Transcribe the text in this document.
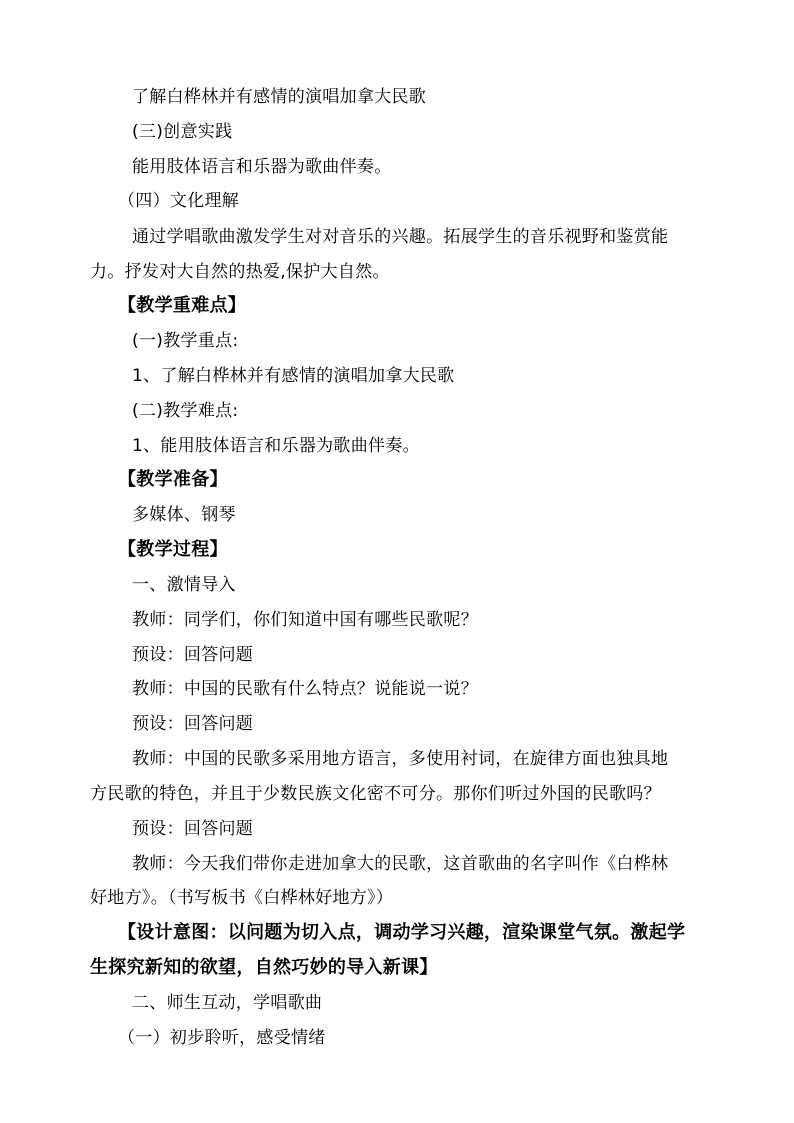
了解白桦林并有感情的演唱加拿大民歌
(三)创意实践
能用肢体语言和乐器为歌曲伴奏。
（四）文化理解
通过学唱歌曲激发学生对对音乐的兴趣。拓展学生的音乐视野和鉴赏能
力。抒发对大自然的热爱,保护大自然。
【教学重难点】
(一)教学重点:
1、了解白桦林并有感情的演唱加拿大民歌
(二)教学难点:
1、能用肢体语言和乐器为歌曲伴奏。
【教学准备】
多媒体、钢琴
【教学过程】
一、激情导入
教师：同学们，你们知道中国有哪些民歌呢？
预设：回答问题
教师：中国的民歌有什么特点？说能说一说？
预设：回答问题
教师：中国的民歌多采用地方语言，多使用衬词，在旋律方面也独具地
方民歌的特色，并且于少数民族文化密不可分。那你们听过外国的民歌吗？
预设：回答问题
教师：今天我们带你走进加拿大的民歌，这首歌曲的名字叫作《白桦林
好地方》。（书写板书《白桦林好地方》）
【设计意图：以问题为切入点，调动学习兴趣，渲染课堂气氛。激起学
生探究新知的欲望，自然巧妙的导入新课】
二、师生互动，学唱歌曲
（一）初步聆听，感受情绪
